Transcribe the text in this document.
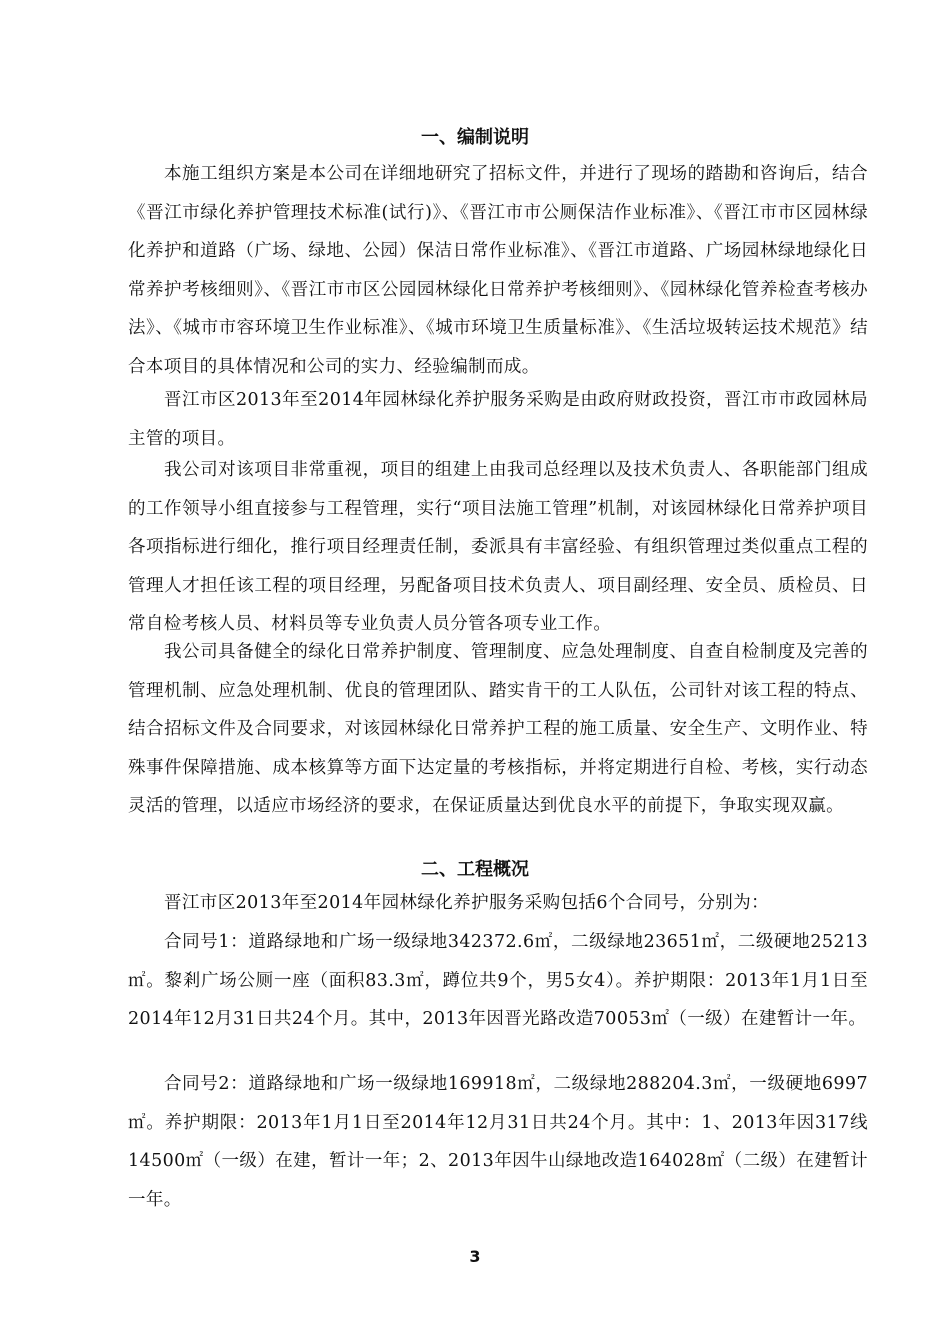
一、编制说明

本施工组织方案是本公司在详细地研究了招标文件，并进行了现场的踏勘和咨询后，结合《晋江市绿化养护管理技术标准(试行)》、《晋江市市公厕保洁作业标准》、《晋江市市区园林绿化养护和道路（广场、绿地、公园）保洁日常作业标准》、《晋江市道路、广场园林绿地绿化日常养护考核细则》、《晋江市市区公园园林绿化日常养护考核细则》、《园林绿化管养检查考核办法》、《城市市容环境卫生作业标准》、《城市环境卫生质量标准》、《生活垃圾转运技术规范》结合本项目的具体情况和公司的实力、经验编制而成。

晋江市区2013年至2014年园林绿化养护服务采购是由政府财政投资，晋江市市政园林局主管的项目。

我公司对该项目非常重视，项目的组建上由我司总经理以及技术负责人、各职能部门组成的工作领导小组直接参与工程管理，实行“项目法施工管理”机制，对该园林绿化日常养护项目各项指标进行细化，推行项目经理责任制，委派具有丰富经验、有组织管理过类似重点工程的管理人才担任该工程的项目经理，另配备项目技术负责人、项目副经理、安全员、质检员、日常自检考核人员、材料员等专业负责人员分管各项专业工作。

我公司具备健全的绿化日常养护制度、管理制度、应急处理制度、自查自检制度及完善的管理机制、应急处理机制、优良的管理团队、踏实肯干的工人队伍，公司针对该工程的特点、结合招标文件及合同要求，对该园林绿化日常养护工程的施工质量、安全生产、文明作业、特殊事件保障措施、成本核算等方面下达定量的考核指标，并将定期进行自检、考核，实行动态灵活的管理，以适应市场经济的要求，在保证质量达到优良水平的前提下，争取实现双赢。

二、工程概况

晋江市区2013年至2014年园林绿化养护服务采购包括6个合同号，分别为：

合同号1：道路绿地和广场一级绿地342372.6㎡，二级绿地23651㎡，二级硬地25213㎡。黎剎广场公厕一座（面积83.3㎡，蹲位共9个，男5女4）。养护期限：2013年1月1日至2014年12月31日共24个月。其中，2013年因晋光路改造70053㎡（一级）在建暂计一年。

合同号2：道路绿地和广场一级绿地169918㎡，二级绿地288204.3㎡，一级硬地6997㎡。养护期限：2013年1月1日至2014年12月31日共24个月。其中：1、2013年因317线14500㎡（一级）在建，暂计一年；2、2013年因牛山绿地改造164028㎡（二级）在建暂计一年。

3
